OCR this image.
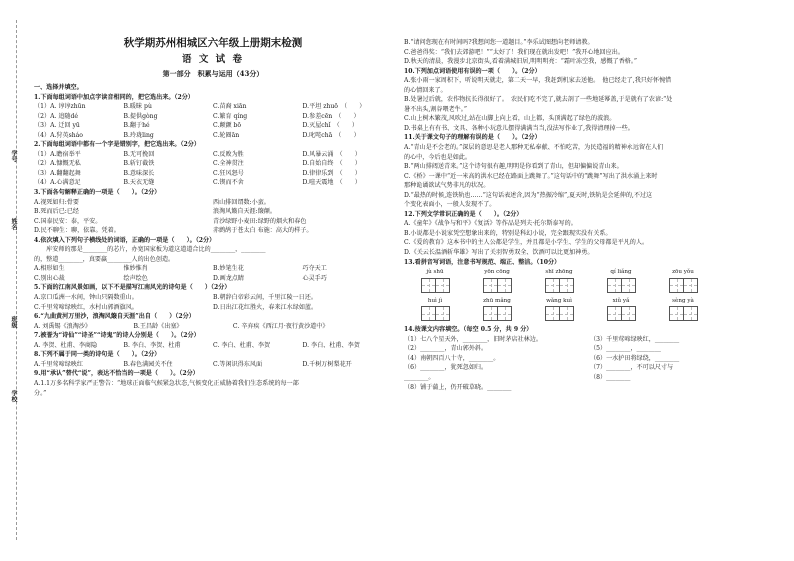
学号
姓名
班级
学校
秋学期苏州相城区六年级上册期末检测
语 文 试 卷
第一部分　积累与运用（43分）
一、选择并填空。
1.下面每组词语中加点字读音相同的，把它选出来。（2分）
（1）A. 谆谆zhūn	B.暖昧 pù	C.苗裔 xiān	D.平坦 zhuō　（　　）
（2）A. 追随dé	B.提供gòng	C.繁育 qíng	D.参差cēn　（　　）
（3）A. 迁回 yū	B.翻于hé	C.颠颤 bō	D.灭屋chǐ　（　　）
（4）A.狩英sháo	B.玲珑ling	C.轮圈ān	D.叱咤chā　（　　）
2.下面每组词语中都有一个字是错别字，把它选出来。（2分）
（1）A.瞻宿举平	B.无可挽回	C.反败为胜	D.风暴云涌　（　　）
（2）A.慷慨无私	B.斩钉截铁	C.全神贯注	D.自始自终　（　　）
（3）A.翻翻起舞	B.意味深长	C.狂风怒号	D.律律乐到　（　　）
（4）A.心满意足	B.天衣无缝	C.锲而不舍	D.喧天震地　（　　）
3.下面各句解释正确的一项是（　　）。（2分）
A.视死如归:骨要	西山排回谓数:小蛮。
B.死而后已:已经	浪淘风簸自天涯:簸颠。
C.国泰民安：泰，平安。	青沙绿野小麦田:绿野的烟火和春色
D.民不聊生：聊，依靠。凭着。	赤鹧鸪于苍太白 布施：高大的样子。
4.依次填入下列句子横线处的词语，正确的一项是（　　）。（2分）
　　库安师的那是________的芯片，办宽国家板为道这道道合比的________，________
的，整道________，真要赢________人的出色创造。
A.相形如生	惟妙惟肖	B.妙笔生花	巧夺天工
C.别出心裁	绘声绘色	D.画龙点睛	心灵手巧
5.下面的江南风景如画，以下不是描写江南风光的诗句是（　　）（2分）
A.京口瓜洲一水间，钟山只隔数重山。	B.朝辞白帝彩云间，千里江陵一日还。
C.千里莺啼绿映红，水村山郭酒旗风。	D.日出江花红胜火，春来江水绿如蓝。
6.“九曲黄河万里沙，浪淘风簸自天涯”出自（　　）（2分）
A. 刘禹锡《浪淘沙》	B.王昌龄《出塞》	C. 辛弃疾《西江月·夜行黄沙道中》
7.被誉为“诗仙”“诗圣”“诗鬼”的诗人分别是（　　）。（2分）
A. 李贺、杜甫、李商隐	B. 李白、李贺、杜甫	C. 李白、杜甫、李贺	D. 李白、杜甫、李贺
8.下列不属于同一类的诗句是（　　）。（2分）
A.千里莺啼绿映红	B.春色满园关不住	C.等闲识得东风面	D.千树万树梨花开
9.用“承认”替代“说”，表达不恰当的一项是（　　）。（2分）
A.1.1万多名科学家严正警告：“地球正面临气候紧急状态,气候变化正威胁着我们生态系统的每一部
分。”
B.“请问您现在有时间吗?我想问您一道题目。”李乐试图想向老师请教。
C.爸爸得奖：“我们去郊游吧！”“太好了！我们现在就出发吧！”我开心地回应出。
D.秋天的清晨，我漫步北京街头,看着满城旧居,明明明亮：“霜叶冻空我，感慨了香格。”
10.下列加点词语使用有误的一项（　　）。（2分）
A.张小雨一家周积下，听说明天就走，第二天一早，我赶到机家去送他。　他已经走了,我只好怀惋惜
的心情回来了。
B.处暑过后就，农作物抗长得很好了。　农民们吃不完了,就去剖了一些地延幂盖,于是就有了农谚:“处
暑不出头,割谷喂老牛。”
C.山上树木繁茂,风吹过,站在山脚上向上看，山上都，头顶满起了绿色的波浪。
D.书桌上有有书、文具、各种小玩意儿摆得满满当当,没法写作业了,我得清理掉一些。
11.关于课文句子的理解有误的是（　　）。（2分）
A.“青山是不会老的。”深层的意思是老人那种无私奉献、不怕吃苦，为民造福的精神永远留在人们
的心中，今后也是如此。
B.“两山排闼送青来。”这个诗句很有趣,明明是你看到了青山，但却偏偏说青山来。
C.《桥》一课中“近一米高的洪水已经在路面上跳舞了。”这句话中的“跳舞”写出了洪水涌上来时
那种诡谲欲试气势非凡的状况。
D.“最热的时候,连铁轨也……”这句话表述含,因为“热振冷缩”,夏天时,铁轨是会延伸的,不过这
个变化表面小，一般人发现不了。
12.下列文学常识正确的是（　　）。（2分）
A.《童年》《战争与和平》《复活》等作品是列夫·托尔斯泰写的。
B.小说都是小说家凭空想象出来的，特别是科幻小说，完全跟现实没有关系。
C.《爱的教育》这本书中的主人公都是学生，并且都是小学生、学生的父母都是平凡的人。
D.《关云长温酒斩华雄》写出了关羽智勇双全、饮酒可以比更加神勇。
13.看拼音写词语，注意书写规范、端正、整洁。（10分）
jù shū	yōn cōng	shī zhōng	qí liǎng	zōu yǒu
huì jì	zhū mǎng	wǎng kuì	xiǔ yǎ	sèng yà
14.按课文内容填空。（每空 0.5 分，共 9 分）
（1）七八个星天外，________，旧时茅店社林边。	（3）千里莺啼绿映红，________
（2）________，青山郭外斜。	（5）________，________
（4）南朝四百八十寺，________。	（6）一水护田将绿绕，________
（6）________，犹死忽如归。	（7）________，不可以尺寸与
________。	（8）________
（8）铺于蒲上，仍开破草晓。________
